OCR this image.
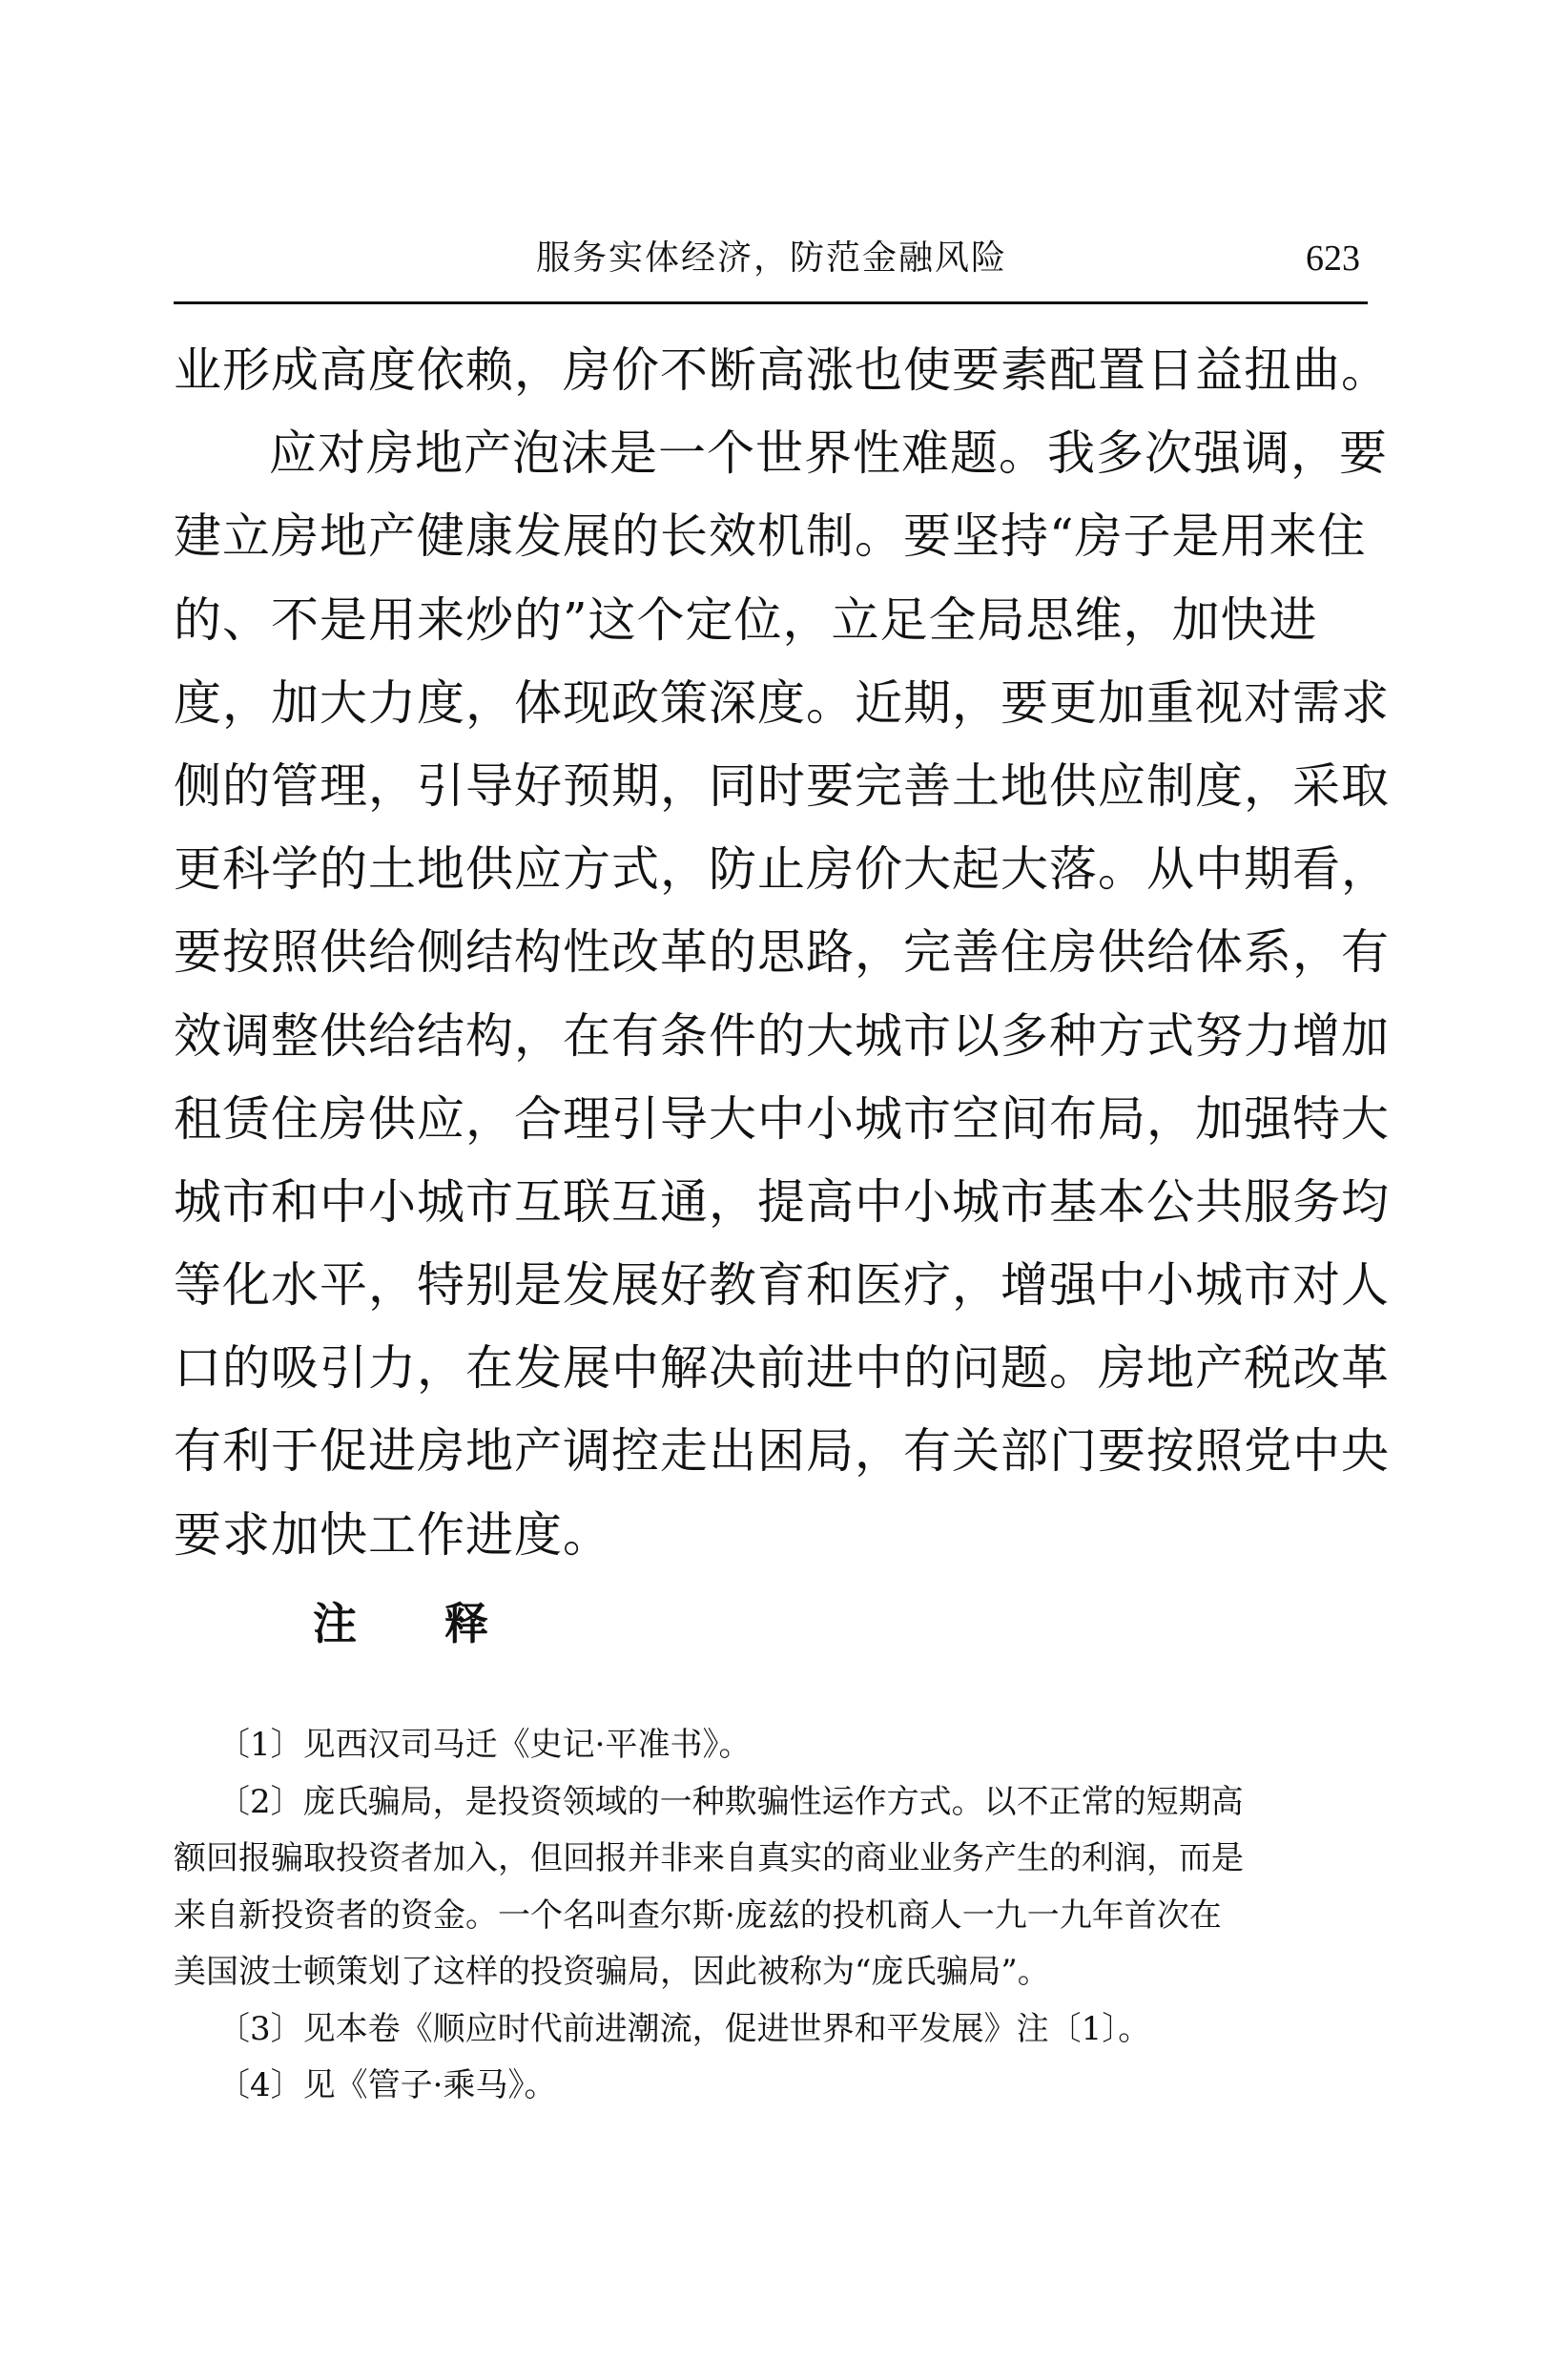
服务实体经济，防范金融风险	623
业形成高度依赖，房价不断高涨也使要素配置日益扭曲。
应对房地产泡沫是一个世界性难题。我多次强调，要
建立房地产健康发展的长效机制。要坚持“房子是用来住
的、不是用来炒的”这个定位，立足全局思维，加快进
度，加大力度，体现政策深度。近期，要更加重视对需求
侧的管理，引导好预期，同时要完善土地供应制度，采取
更科学的土地供应方式，防止房价大起大落。从中期看，
要按照供给侧结构性改革的思路，完善住房供给体系，有
效调整供给结构，在有条件的大城市以多种方式努力增加
租赁住房供应，合理引导大中小城市空间布局，加强特大
城市和中小城市互联互通，提高中小城市基本公共服务均
等化水平，特别是发展好教育和医疗，增强中小城市对人
口的吸引力，在发展中解决前进中的问题。房地产税改革
有利于促进房地产调控走出困局，有关部门要按照党中央
要求加快工作进度。
注释
〔1〕见西汉司马迁《史记·平准书》。
〔2〕庞氏骗局，是投资领域的一种欺骗性运作方式。以不正常的短期高
额回报骗取投资者加入，但回报并非来自真实的商业业务产生的利润，而是
来自新投资者的资金。一个名叫查尔斯·庞兹的投机商人一九一九年首次在
美国波士顿策划了这样的投资骗局，因此被称为“庞氏骗局”。
〔3〕见本卷《顺应时代前进潮流，促进世界和平发展》注〔1〕。
〔4〕见《管子·乘马》。
